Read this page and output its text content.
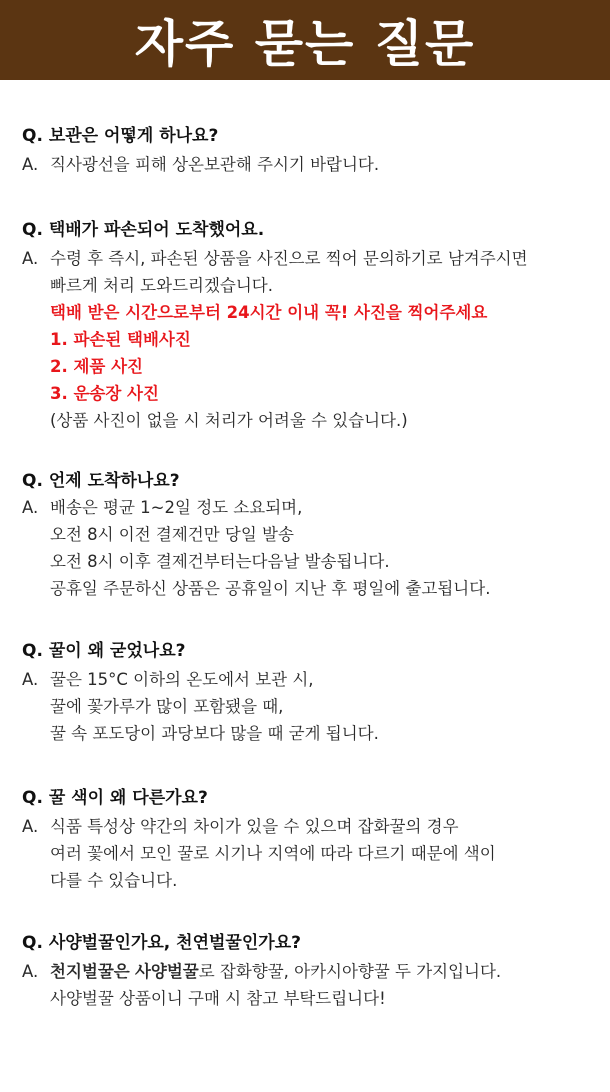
자주 묻는 질문
Q. 보관은 어떻게 하나요?
A. 직사광선을 피해 상온보관해 주시기 바랍니다.
Q. 택배가 파손되어 도착했어요.
A. 수령 후 즉시, 파손된 상품을 사진으로 찍어 문의하기로 남겨주시면
빠르게 처리 도와드리겠습니다.
택배 받은 시간으로부터 24시간 이내 꼭! 사진을 찍어주세요
1. 파손된 택배사진
2. 제품 사진
3. 운송장 사진
(상품 사진이 없을 시 처리가 어려울 수 있습니다.)
Q. 언제 도착하나요?
A. 배송은 평균 1~2일 정도 소요되며,
오전 8시 이전 결제건만 당일 발송
오전 8시 이후 결제건부터는다음날 발송됩니다.
공휴일 주문하신 상품은 공휴일이 지난 후 평일에 출고됩니다.
Q. 꿀이 왜 굳었나요?
A. 꿀은 15°C 이하의 온도에서 보관 시,
꿀에 꽃가루가 많이 포함됐을 때,
꿀 속 포도당이 과당보다 많을 때 굳게 됩니다.
Q. 꿀 색이 왜 다른가요?
A. 식품 특성상 약간의 차이가 있을 수 있으며 잡화꿀의 경우
여러 꽃에서 모인 꿀로 시기나 지역에 따라 다르기 때문에 색이
다를 수 있습니다.
Q. 사양벌꿀인가요, 천연벌꿀인가요?
A. 천지벌꿀은 사양벌꿀로 잡화향꿀, 아카시아향꿀 두 가지입니다.
사양벌꿀 상품이니 구매 시 참고 부탁드립니다!
